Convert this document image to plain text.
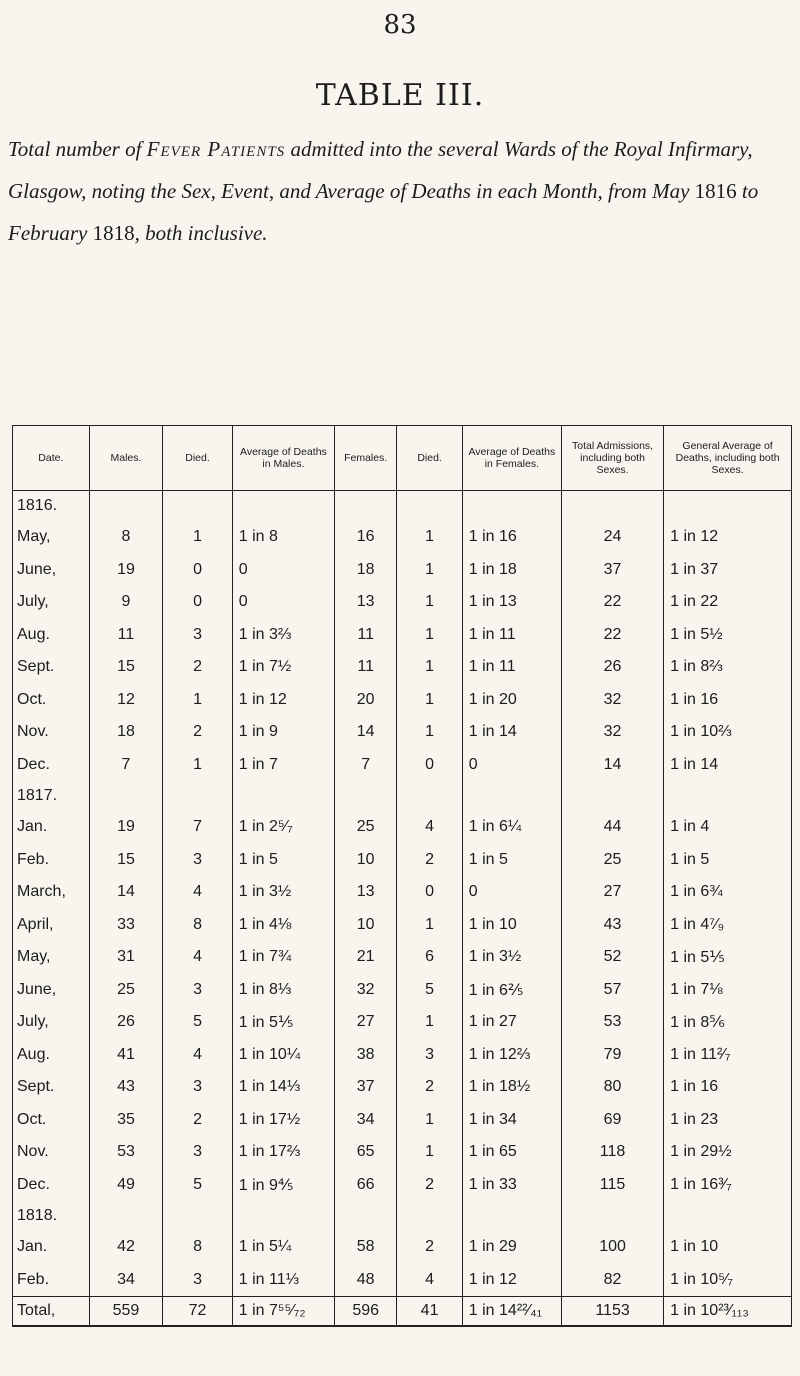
83
TABLE III.
Total number of Fever Patients admitted into the several Wards of the Royal Infirmary, Glasgow, noting the Sex, Event, and Average of Deaths in each Month, from May 1816 to February 1818, both inclusive.
Date.	Males.	Died.	Average of Deaths in Males.	Females.	Died.	Average of Deaths in Females.	Total Admissions, including both Sexes.	General Average of Deaths, including both Sexes.
1816.								
May,	8	1	1 in 8	16	1	1 in 16	24	1 in 12
June,	19	0	0	18	1	1 in 18	37	1 in 37
July,	9	0	0	13	1	1 in 13	22	1 in 22
Aug.	11	3	1 in 3⅔	11	1	1 in 11	22	1 in 5½
Sept.	15	2	1 in 7½	11	1	1 in 11	26	1 in 8⅔
Oct.	12	1	1 in 12	20	1	1 in 20	32	1 in 16
Nov.	18	2	1 in 9	14	1	1 in 14	32	1 in 10⅔
Dec.	7	1	1 in 7	7	0	0	14	1 in 14
1817.								
Jan.	19	7	1 in 2⁵⁄₇	25	4	1 in 6¼	44	1 in 4
Feb.	15	3	1 in 5	10	2	1 in 5	25	1 in 5
March,	14	4	1 in 3½	13	0	0	27	1 in 6¾
April,	33	8	1 in 4⅛	10	1	1 in 10	43	1 in 4⁷⁄₉
May,	31	4	1 in 7¾	21	6	1 in 3½	52	1 in 5⅕
June,	25	3	1 in 8⅓	32	5	1 in 6⅖	57	1 in 7⅛
July,	26	5	1 in 5⅕	27	1	1 in 27	53	1 in 8⅚
Aug.	41	4	1 in 10¼	38	3	1 in 12⅔	79	1 in 11²⁄₇
Sept.	43	3	1 in 14⅓	37	2	1 in 18½	80	1 in 16
Oct.	35	2	1 in 17½	34	1	1 in 34	69	1 in 23
Nov.	53	3	1 in 17⅔	65	1	1 in 65	118	1 in 29½
Dec.	49	5	1 in 9⅘	66	2	1 in 33	115	1 in 16³⁄₇
1818.								
Jan.	42	8	1 in 5¼	58	2	1 in 29	100	1 in 10
Feb.	34	3	1 in 11⅓	48	4	1 in 12	82	1 in 10⁵⁄₇
Total,	559	72	1 in 7⁵⁵⁄₇₂	596	41	1 in 14²²⁄₄₁	1153	1 in 10²³⁄₁₁₃
